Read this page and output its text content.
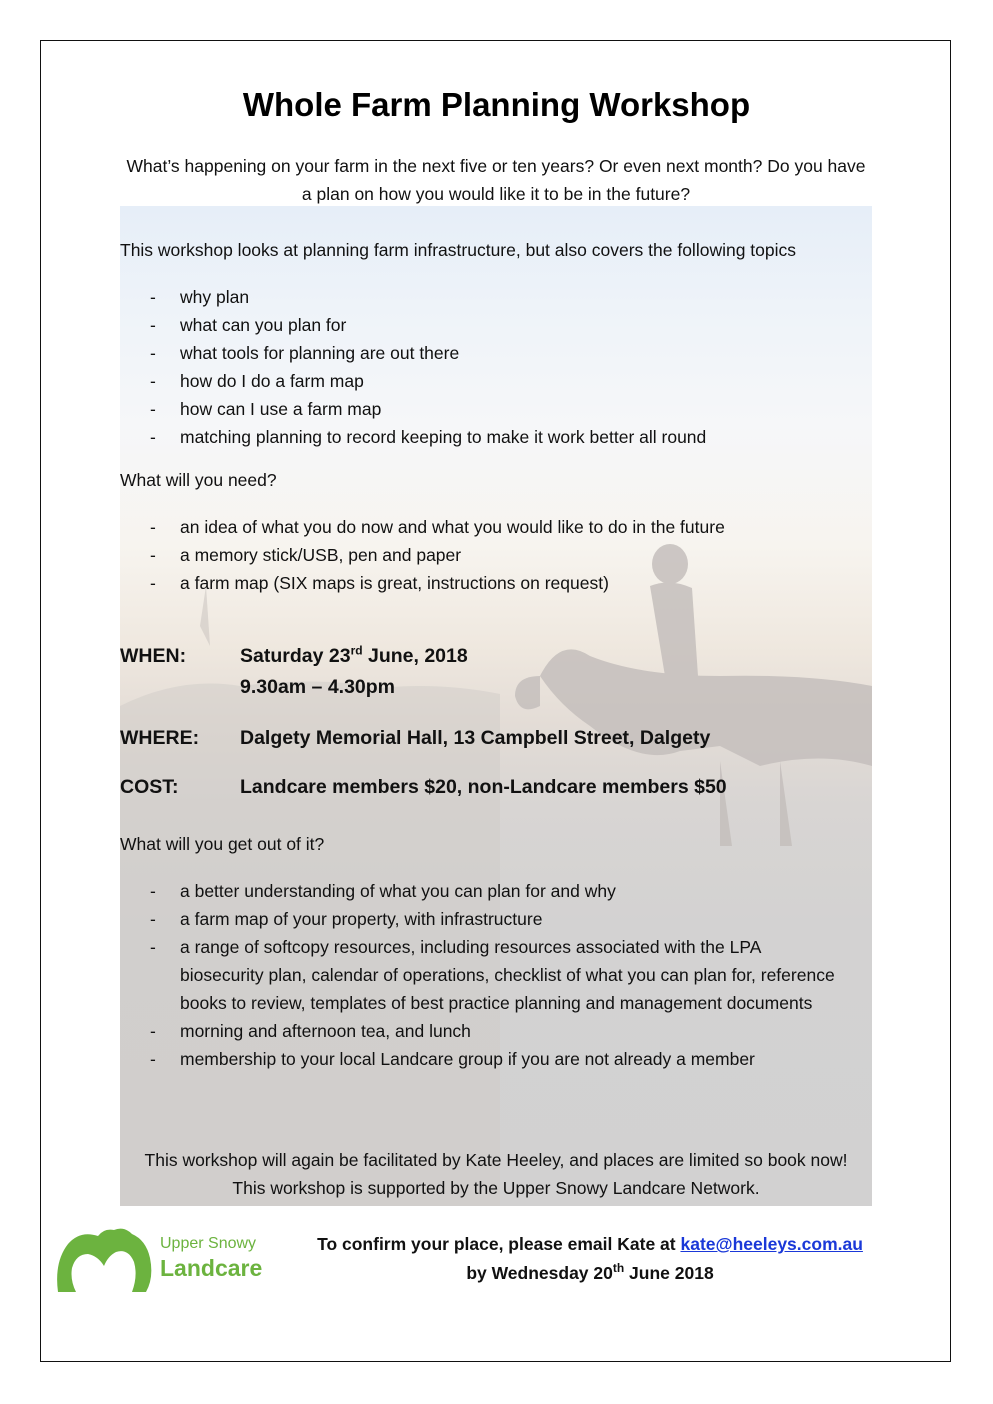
Whole Farm Planning Workshop
What’s happening on your farm in the next five or ten years? Or even next month? Do you have a plan on how you would like it to be in the future?
This workshop looks at planning farm infrastructure, but also covers the following topics
- why plan
- what can you plan for
- what tools for planning are out there
- how do I do a farm map
- how can I use a farm map
- matching planning to record keeping to make it work better all round
What will you need?
- an idea of what you do now and what you would like to do in the future
- a memory stick/USB, pen and paper
- a farm map (SIX maps is great, instructions on request)
WHEN:	Saturday 23rd June, 2018
9.30am – 4.30pm
WHERE: Dalgety Memorial Hall, 13 Campbell Street, Dalgety
COST:	Landcare members $20, non-Landcare members $50
What will you get out of it?
- a better understanding of what you can plan for and why
- a farm map of your property, with infrastructure
- a range of softcopy resources, including resources associated with the LPA biosecurity plan, calendar of operations, checklist of what you can plan for, reference books to review, templates of best practice planning and management documents
- morning and afternoon tea, and lunch
- membership to your local Landcare group if you are not already a member
This workshop will again be facilitated by Kate Heeley, and places are limited so book now!
This workshop is supported by the Upper Snowy Landcare Network.
Upper Snowy
Landcare
To confirm your place, please email Kate at kate@heeleys.com.au
by Wednesday 20th June 2018
